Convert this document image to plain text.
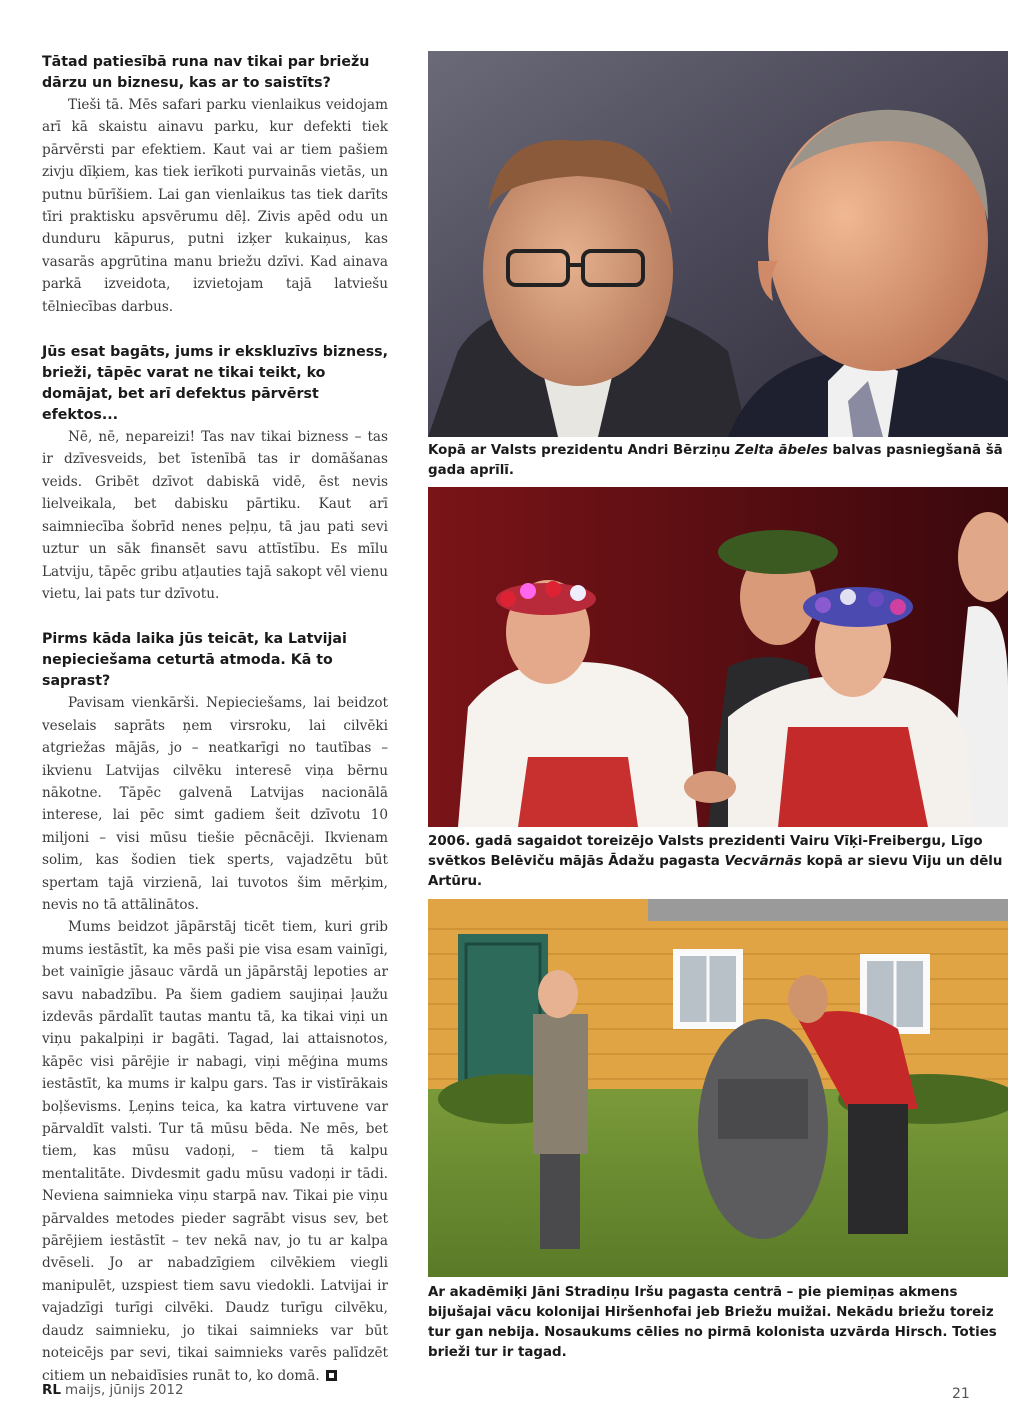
Tātad patiesībā runa nav tikai par briežu dārzu un biznesu, kas ar to saistīts?

Tieši tā. Mēs safari parku vienlaikus veidojam arī kā skaistu ainavu parku, kur defekti tiek pārvērsti par efektiem. Kaut vai ar tiem pašiem zivju dīķiem, kas tiek ierīkoti purvainās vietās, un putnu būrīšiem. Lai gan vienlaikus tas tiek darīts tīri praktisku apsvērumu dēļ. Zivis apēd odu un dunduru kāpurus, putni izķer kukaiņus, kas vasarās apgrūtina manu briežu dzīvi. Kad ainava parkā izveidota, izvietojam tajā latviešu tēlniecības darbus.

Jūs esat bagāts, jums ir ekskluzīvs bizness, brieži, tāpēc varat ne tikai teikt, ko domājat, bet arī defektus pārvērst efektos...

Nē, nē, nepareizi! Tas nav tikai bizness – tas ir dzīvesveids, bet īstenībā tas ir domāšanas veids. Gribēt dzīvot dabiskā vidē, ēst nevis lielveikala, bet dabisku pārtiku. Kaut arī saimniecība šobrīd nenes peļņu, tā jau pati sevi uztur un sāk finansēt savu attīstību. Es mīlu Latviju, tāpēc gribu atļauties tajā sakopt vēl vienu vietu, lai pats tur dzīvotu.

Pirms kāda laika jūs teicāt, ka Latvijai nepieciešama ceturtā atmoda. Kā to saprast?

Pavisam vienkārši. Nepieciešams, lai beidzot veselais saprāts ņem virsroku, lai cilvēki atgriežas mājās, jo – neatkarīgi no tautības – ikvienu Latvijas cilvēku interesē viņa bērnu nākotne. Tāpēc galvenā Latvijas nacionālā interese, lai pēc simt gadiem šeit dzīvotu 10 miljoni – visi mūsu tiešie pēcnācēji. Ikvienam solim, kas šodien tiek sperts, vajadzētu būt spertam tajā virzienā, lai tuvotos šim mērķim, nevis no tā attālinātos.

Mums beidzot jāpārstāj ticēt tiem, kuri grib mums iestāstīt, ka mēs paši pie visa esam vainīgi, bet vainīgie jāsauc vārdā un jāpārstāj lepoties ar savu nabadzību. Pa šiem gadiem saujiņai ļaužu izdevās pārdalīt tautas mantu tā, ka tikai viņi un viņu pakalpiņi ir bagāti. Tagad, lai attaisnotos, kāpēc visi pārējie ir nabagi, viņi mēģina mums iestāstīt, ka mums ir kalpu gars. Tas ir vistīrākais boļševisms. Ļeņins teica, ka katra virtuvene var pārvaldīt valsti. Tur tā mūsu bēda. Ne mēs, bet tiem, kas mūsu vadoņi, – tiem tā kalpu mentalitāte. Divdesmit gadu mūsu vadoņi ir tādi. Neviena saimnieka viņu starpā nav. Tikai pie viņu pārvaldes metodes pieder sagrābt visus sev, bet pārējiem iestāstīt – tev nekā nav, jo tu ar kalpa dvēseli. Jo ar nabadzīgiem cilvēkiem viegli manipulēt, uzspiest tiem savu viedokli. Latvijai ir vajadzīgi turīgi cilvēki. Daudz turīgu cilvēku, daudz saimnieku, jo tikai saimnieks var būt noteicējs par sevi, tikai saimnieks varēs palīdzēt citiem un nebaidīsies runāt to, ko domā.

Kopā ar Valsts prezidentu Andri Bērziņu Zelta ābeles balvas pasniegšanā šā gada aprīlī.
2006. gadā sagaidot toreizējo Valsts prezidenti Vairu Vīķi-Freibergu, Līgo svētkos Belēviču mājās Ādažu pagasta Vecvārnās kopā ar sievu Viju un dēlu Artūru.
Ar akadēmiķi Jāni Stradiņu Iršu pagasta centrā – pie piemiņas akmens bijušajai vācu kolonijai Hiršenhofai jeb Briežu muižai. Nekādu briežu toreiz tur gan nebija. Nosaukums cēlies no pirmā kolonista uzvārda Hirsch. Toties brieži tur ir tagad.
RL maijs, jūnijs 2012	21
